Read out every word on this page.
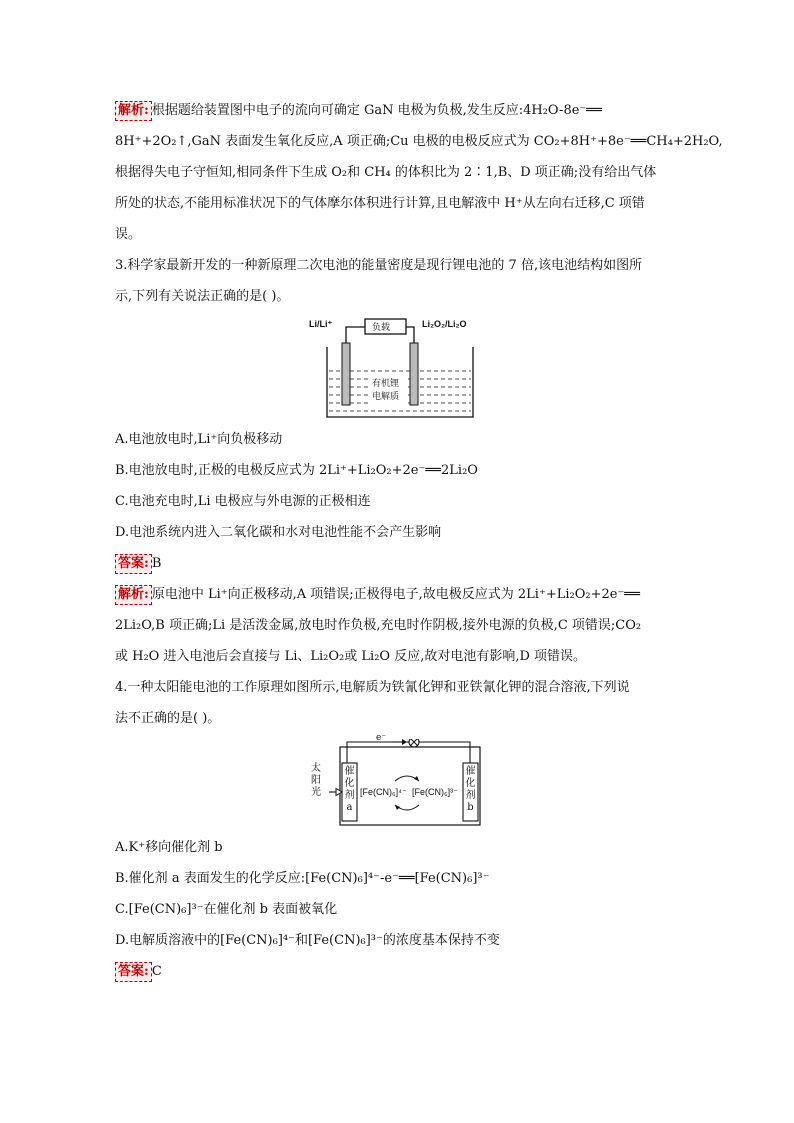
解析: 根据题给装置图中电子的流向可确定 GaN 电极为负极,发生反应:4H₂O-8e⁻══
8H⁺+2O₂↑,GaN 表面发生氧化反应,A 项正确;Cu 电极的电极反应式为 CO₂+8H⁺+8e⁻══CH₄+2H₂O,
根据得失电子守恒知,相同条件下生成 O₂和 CH₄ 的体积比为 2∶1,B、D 项正确;没有给出气体
所处的状态,不能用标准状况下的气体摩尔体积进行计算,且电解液中 H⁺从左向右迁移,C 项错
误。
3.科学家最新开发的一种新原理二次电池的能量密度是现行锂电池的 7 倍,该电池结构如图所
示,下列有关说法正确的是( )。
Li/Li⁺	Li₂O₂/Li₂O
负载
有机锂
电解质
A.电池放电时,Li⁺向负极移动
B.电池放电时,正极的电极反应式为 2Li⁺+Li₂O₂+2e⁻══2Li₂O
C.电池充电时,Li 电极应与外电源的正极相连
D.电池系统内进入二氧化碳和水对电池性能不会产生影响
答案: B
解析: 原电池中 Li⁺向正极移动,A 项错误;正极得电子,故电极反应式为 2Li⁺+Li₂O₂+2e⁻══
2Li₂O,B 项正确;Li 是活泼金属,放电时作负极,充电时作阴极,接外电源的负极,C 项错误;CO₂
或 H₂O 进入电池后会直接与 Li、Li₂O₂或 Li₂O 反应,故对电池有影响,D 项错误。
4.一种太阳能电池的工作原理如图所示,电解质为铁氰化钾和亚铁氰化钾的混合溶液,下列说
法不正确的是( )。
太阳光
e⁻
催化剂a
催化剂b
[Fe(CN)₆]⁴⁻ [Fe(CN)₆]³⁻
A.K⁺移向催化剂 b
B.催化剂 a 表面发生的化学反应:[Fe(CN)₆]⁴⁻-e⁻══[Fe(CN)₆]³⁻
C.[Fe(CN)₆]³⁻在催化剂 b 表面被氧化
D.电解质溶液中的[Fe(CN)₆]⁴⁻和[Fe(CN)₆]³⁻的浓度基本保持不变
答案: C
